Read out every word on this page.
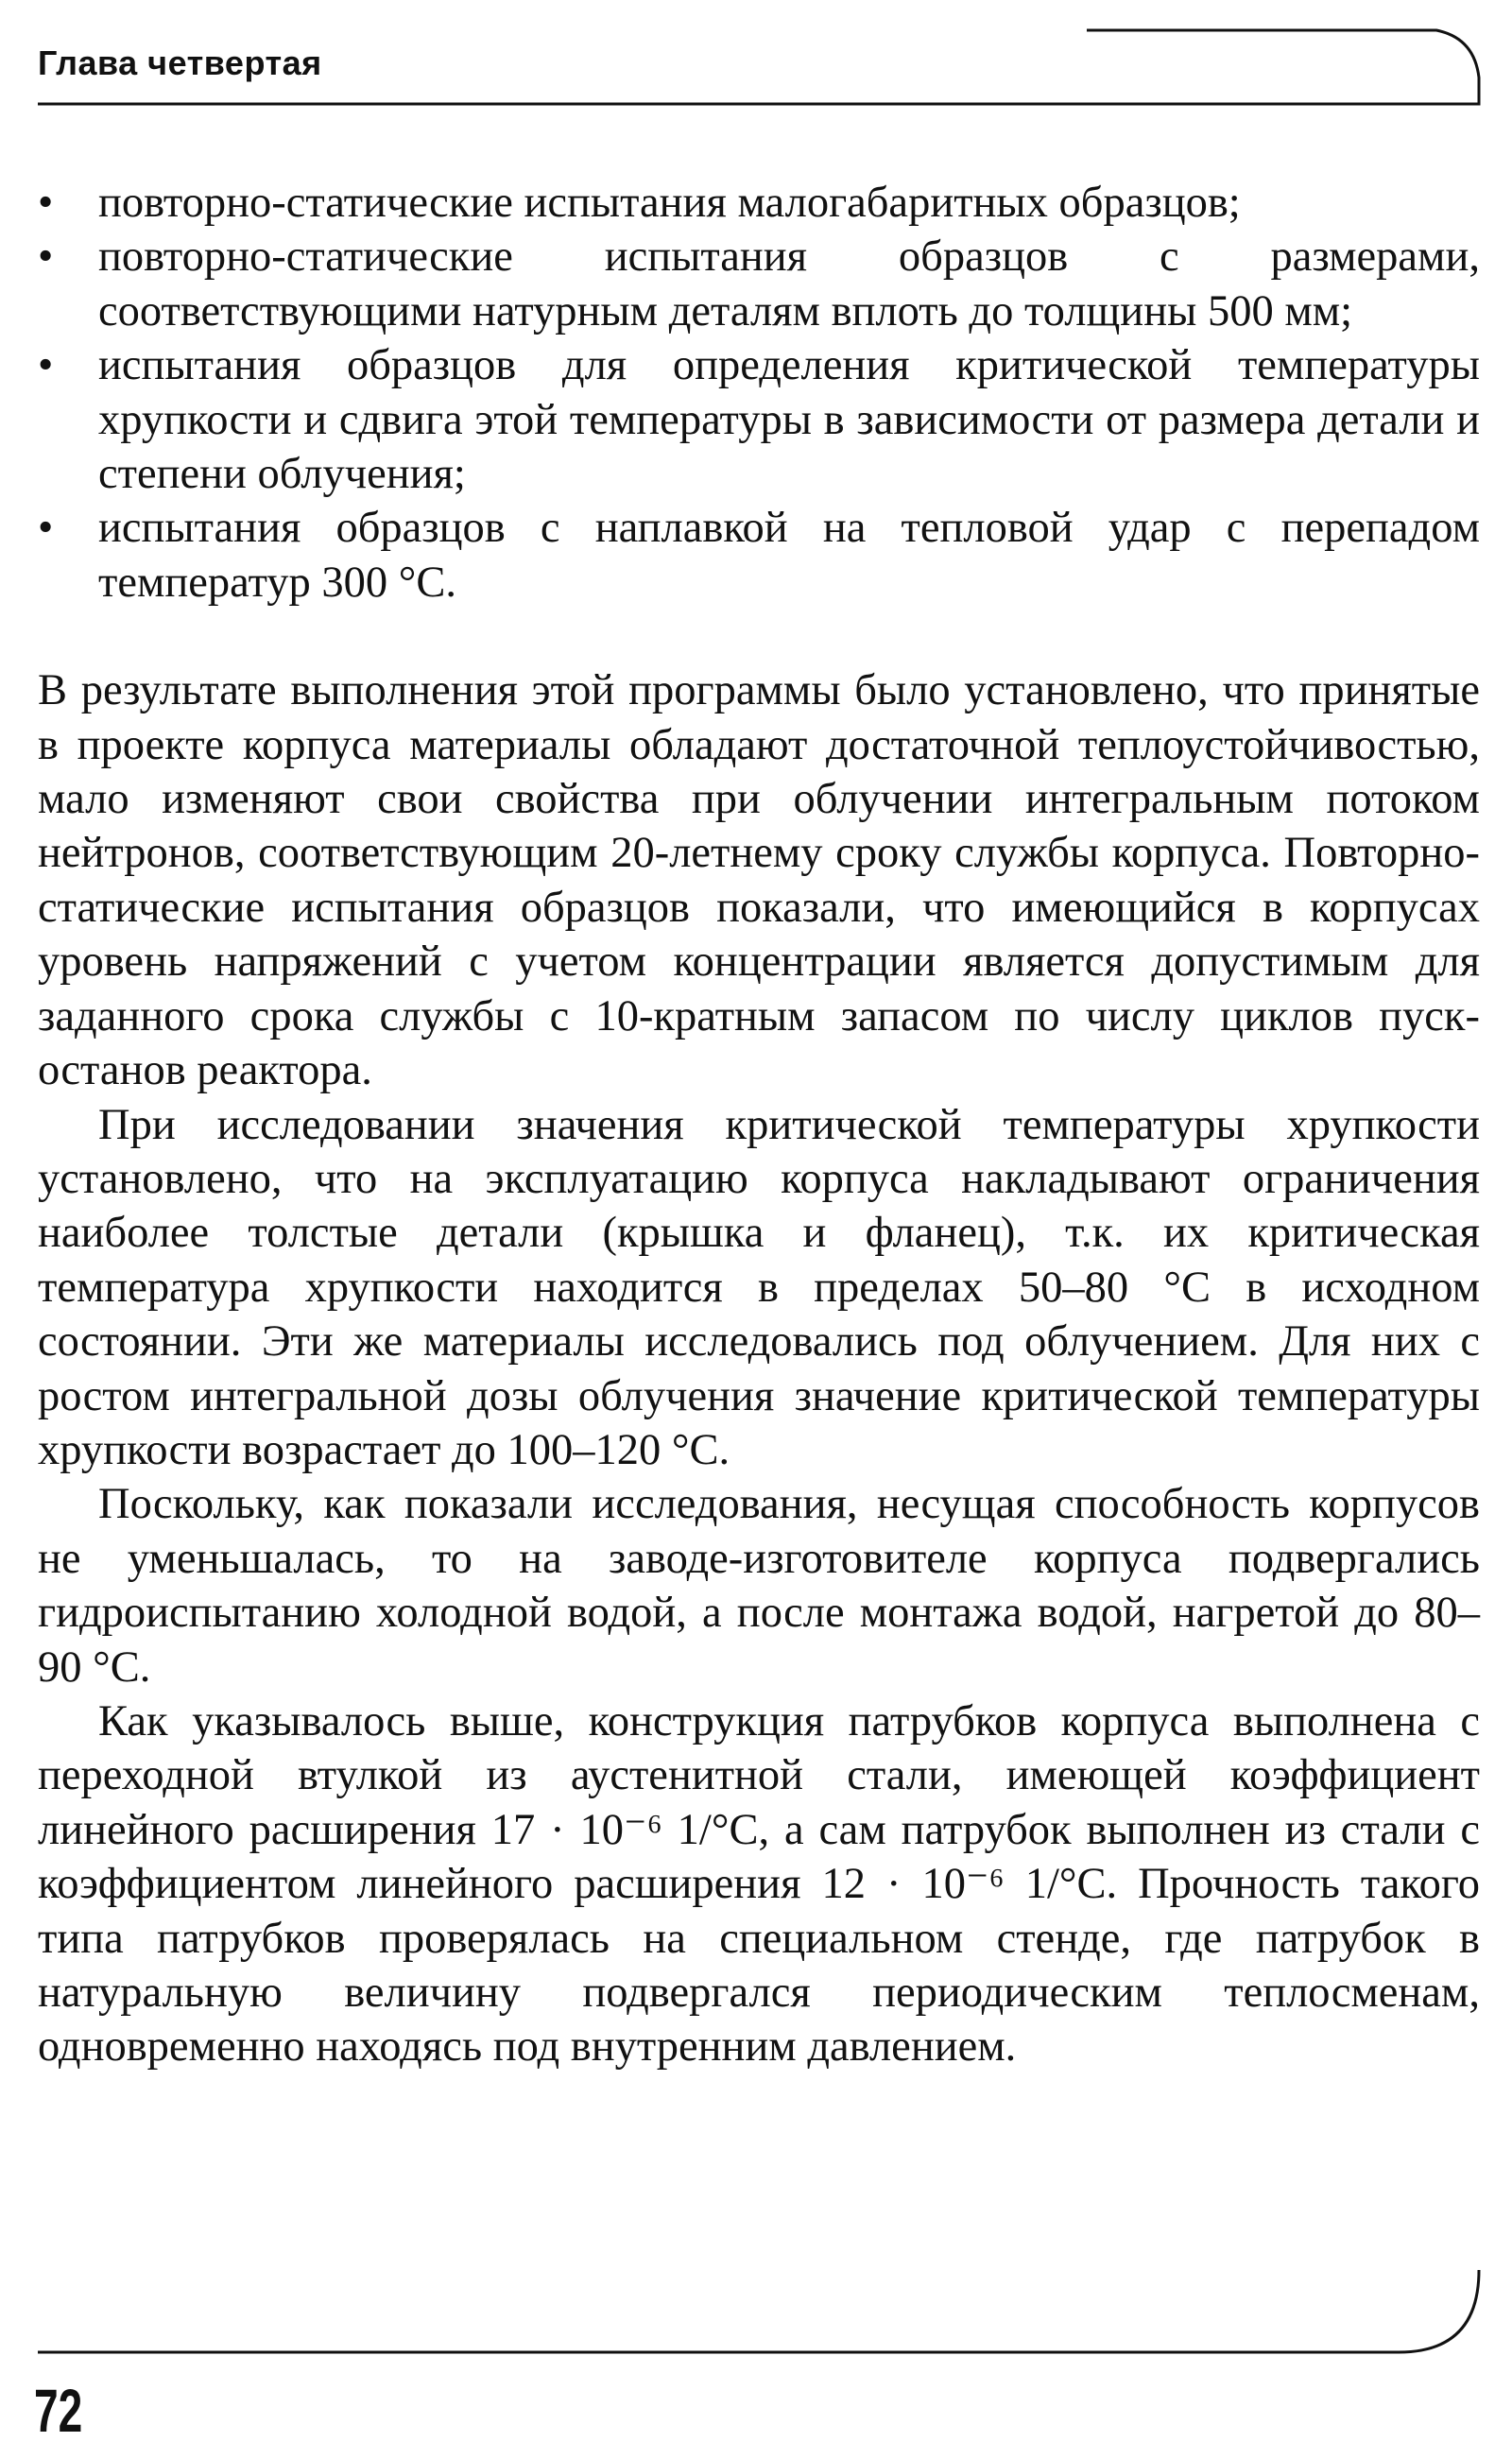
Глава четвертая
•	повторно-статические испытания малогабаритных образцов;
•	повторно-статические испытания образцов с размерами, соответствующими натурным деталям вплоть до толщины 500 мм;
•	испытания образцов для определения критической температуры хрупкости и сдвига этой температуры в зависимости от размера детали и степени облучения;
•	испытания образцов с наплавкой на тепловой удар с перепадом температур 300 °С.

В результате выполнения этой программы было установлено, что принятые в проекте корпуса материалы обладают достаточной теплоустойчивостью, мало изменяют свои свойства при облучении интегральным потоком нейтронов, соответствующим 20-летнему сроку службы корпуса. Повторно-статические испытания образцов показали, что имеющийся в корпусах уровень напряжений с учетом концентрации является допустимым для заданного срока службы с 10-кратным запасом по числу циклов пуск-останов реактора.

При исследовании значения критической температуры хрупкости установлено, что на эксплуатацию корпуса накладывают ограничения наиболее толстые детали (крышка и фланец), т.к. их критическая температура хрупкости находится в пределах 50–80 °С в исходном состоянии. Эти же материалы исследовались под облучением. Для них с ростом интегральной дозы облучения значение критической температуры хрупкости возрастает до 100–120 °С.

Поскольку, как показали исследования, несущая способность корпусов не уменьшалась, то на заводе-изготовителе корпуса подвергались гидроиспытанию холодной водой, а после монтажа водой, нагретой до 80–90 °С.

Как указывалось выше, конструкция патрубков корпуса выполнена с переходной втулкой из аустенитной стали, имеющей коэффициент линейного расширения 17 · 10⁻⁶ 1/°С, а сам патрубок выполнен из стали с коэффициентом линейного расширения 12 · 10⁻⁶ 1/°С. Прочность такого типа патрубков проверялась на специальном стенде, где патрубок в натуральную величину подвергался периодическим теплосменам, одновременно находясь под внутренним давлением.

72
